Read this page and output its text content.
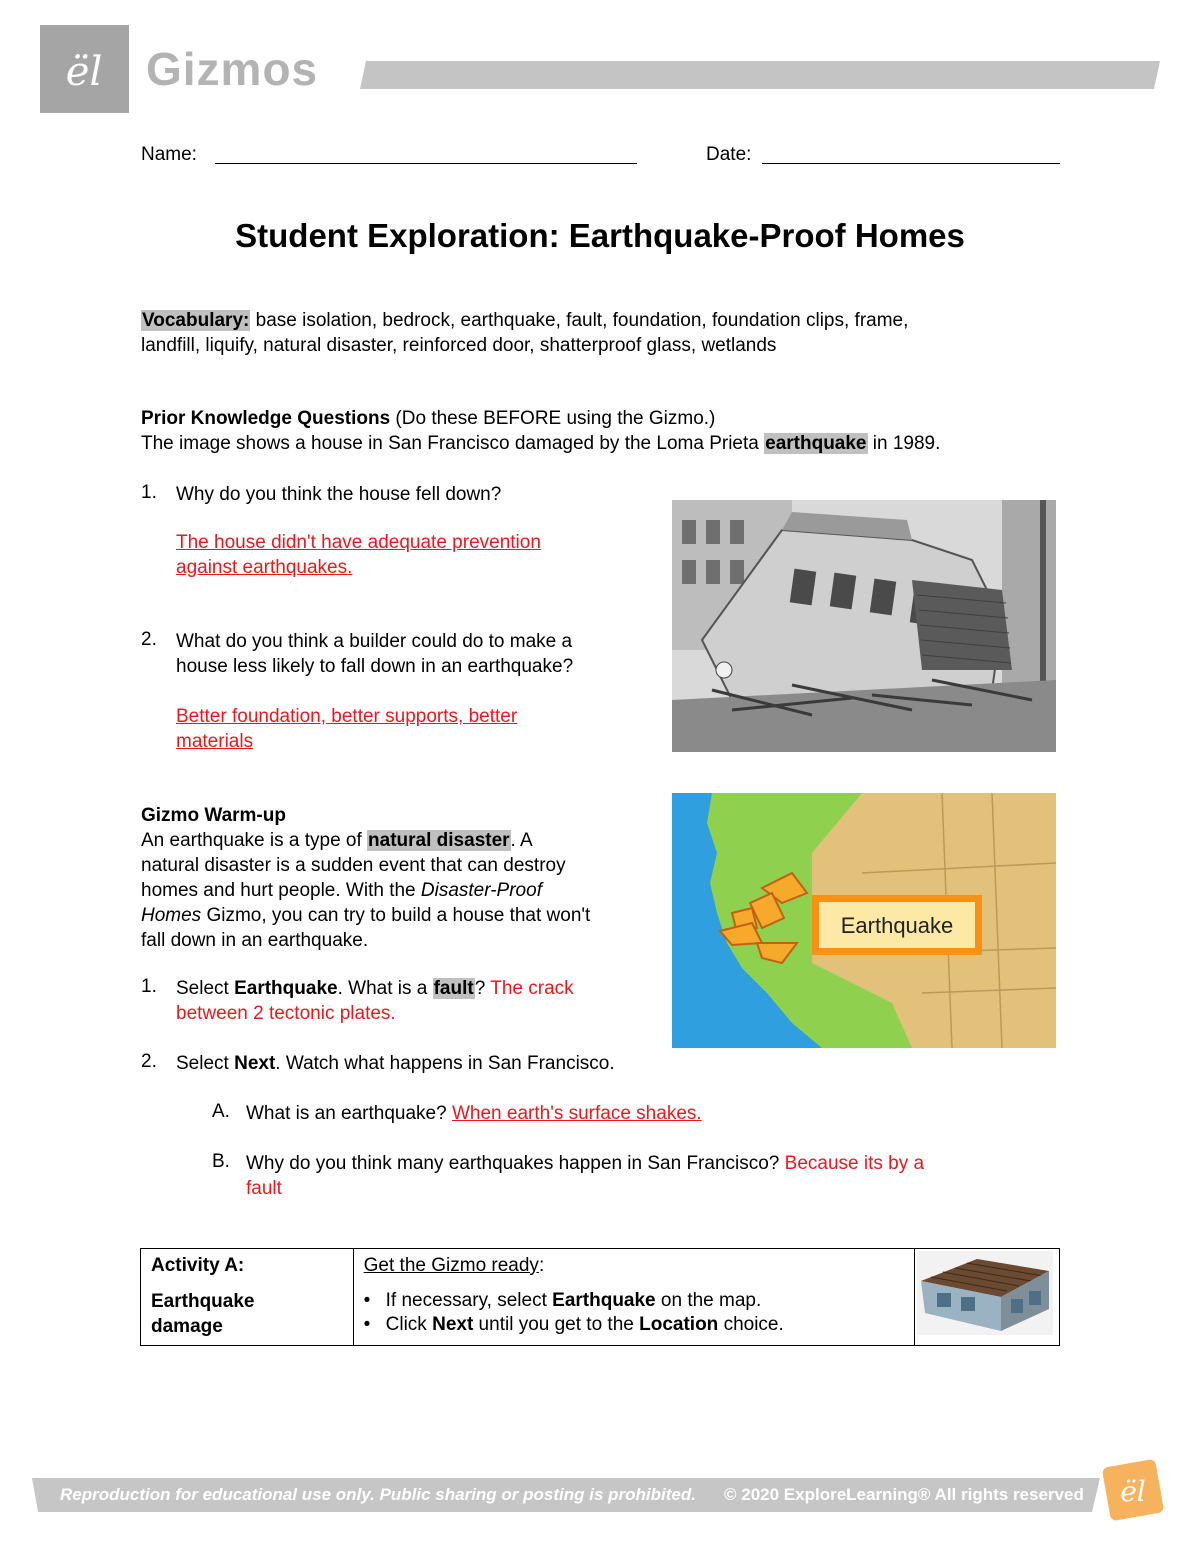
ël Gizmos
Name:	Date:
Student Exploration: Earthquake-Proof Homes
Vocabulary: base isolation, bedrock, earthquake, fault, foundation, foundation clips, frame,
landfill, liquify, natural disaster, reinforced door, shatterproof glass, wetlands
Prior Knowledge Questions (Do these BEFORE using the Gizmo.)
The image shows a house in San Francisco damaged by the Loma Prieta earthquake in 1989.
1. Why do you think the house fell down?
The house didn't have adequate prevention
against earthquakes.
2. What do you think a builder could do to make a
house less likely to fall down in an earthquake?
Better foundation, better supports, better
materials
Gizmo Warm-up
An earthquake is a type of natural disaster. A
natural disaster is a sudden event that can destroy
homes and hurt people. With the Disaster-Proof
Homes Gizmo, you can try to build a house that won't
fall down in an earthquake.
1. Select Earthquake. What is a fault? The crack
between 2 tectonic plates.
Earthquake
2. Select Next. Watch what happens in San Francisco.
A. What is an earthquake? When earth's surface shakes.
B. Why do you think many earthquakes happen in San Francisco? Because its by a
fault
Activity A:
Earthquake
damage
	Get the Gizmo ready:
• If necessary, select Earthquake on the map.
• Click Next until you get to the Location choice.

Reproduction for educational use only. Public sharing or posting is prohibited. © 2020 ExploreLearning® All rights reserved ël
